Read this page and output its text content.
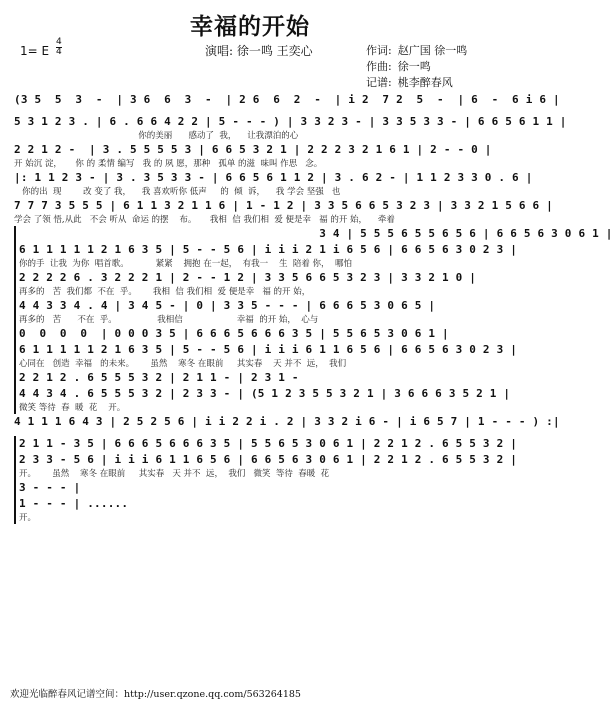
幸福的开始
1= E
4
4	演唱: 徐一鸣 王奕心	作词: 赵广国 徐一鸣
作曲: 徐一鸣
记谱: 桃李醉春风
(3 5  5  3  -  | 3 6  6  3  -  | 2 6  6  2  -  | i 2  7 2  5  -  | 6  -  6 i 6 |
5 3 1 2 3 . | 6 . 6 6 4 2 2 | 5 - - - ) | 3 3 2 3 - | 3 3 5 3 3 - | 6 6 5 6 1 1 |
你的美丽      感动了  我，    让我漂泊的心
2 2 1 2 -  | 3 . 5 5 5 5 3 | 6 6 5 3 2 1 | 2 2 2 3 2 1 6 1 | 2 - - 0 |
开 始沉 淀，     你 的 柔情 编写   我 的 夙 愿，那种   孤单 的滋  味叫 作思   念。
|: 1 1 2 3 - | 3 . 3 5 3 3 - | 6 6 5 6 1 1 2 | 3 . 6 2 - | 1 1 2 3 3 0 . 6 |
你的出  现        改 变了 我，    我 喜欢听你 低声     的  倾  诉，    我 学会 坚强   也
7 7 7 3 5 5 5 | 6 1 1 3 2 1 1 6 | 1 - 1 2 | 3 3 5 6 6 5 3 2 3 | 3 3 2 1 5 6 6 |
学会 了领 悟,从此   不会 听从  命运 的摆    布。     我相  信 我们相  爱 便是幸   福 的开 始，    牵着
3 4 | 5 5 5 6 5 5 6 5 6 | 6 6 5 6 3 0 6 1 |
6 1 1 1 1 1 2 1 6 3 5 | 5 - - 5 6 | i i i 2 1 i 6 5 6 | 6 6 5 6 3 0 2 3 |
你的手  让我  为你  唱首歌。          紧紧    拥抱 在一起，  有我一    生  陪着 你，  哪怕
2 2 2 2 6 . 3 2 2 2 1 | 2 - - 1 2 | 3 3 5 6 6 5 3 2 3 | 3 3 2 1 0 |
再多的   苦  我们都  不在  乎。      我相  信 我们相  爱 便是幸   福 的开 始，
4 4 3 3 4 . 4 | 3 4 5 - | 0 | 3 3 5 - - - | 6 6 6 5 3 0 6 5 |
再多的   苦      不在  乎。               我相信                    幸福  的开 始，  心与
0  0  0  0  | 0 0 0 3 5 | 6 6 6 5 6 6 6 3 5 | 5 5 6 5 3 0 6 1 |
6 1 1 1 1 1 2 1 6 3 5 | 5 - - 5 6 | i i i 6 1 1 6 5 6 | 6 6 5 6 3 0 2 3 |
心同在   创造  幸福   的未来。      虽然    寒冬 在眼前     其实春    天 并不  远，  我们
2 2 1 2 . 6 5 5 5 3 2 | 2 1 1 - | 2 3 1 -
4 4 3 4 . 6 5 5 5 3 2 | 2 3 3 - | (5 1 2 3 5 5 3 2 1 | 3 6 6 6 3 5 2 1 |
微笑 等待  春  暖  花    开。
4 1 1 1 6 4 3 | 2 5 2 5 6 | i i 2 2 i . 2 | 3 3 2 i 6 - | i 6 5 7 | 1 - - - ) :|
2 1 1 - 3 5 | 6 6 6 5 6 6 6 3 5 | 5 5 6 5 3 0 6 1 | 2 2 1 2 . 6 5 5 3 2 |
2 3 3 - 5 6 | i i i 6 1 1 6 5 6 | 6 6 5 6 3 0 6 1 | 2 2 1 2 . 6 5 5 3 2 |
开。      虽然    寒冬 在眼前     其实春   天 并不  远，  我们   微笑  等待  春暖  花
3 - - - |
1 - - - | ......
开。
欢迎光临醉春风记谱空间：http://user.qzone.qq.com/563264185
